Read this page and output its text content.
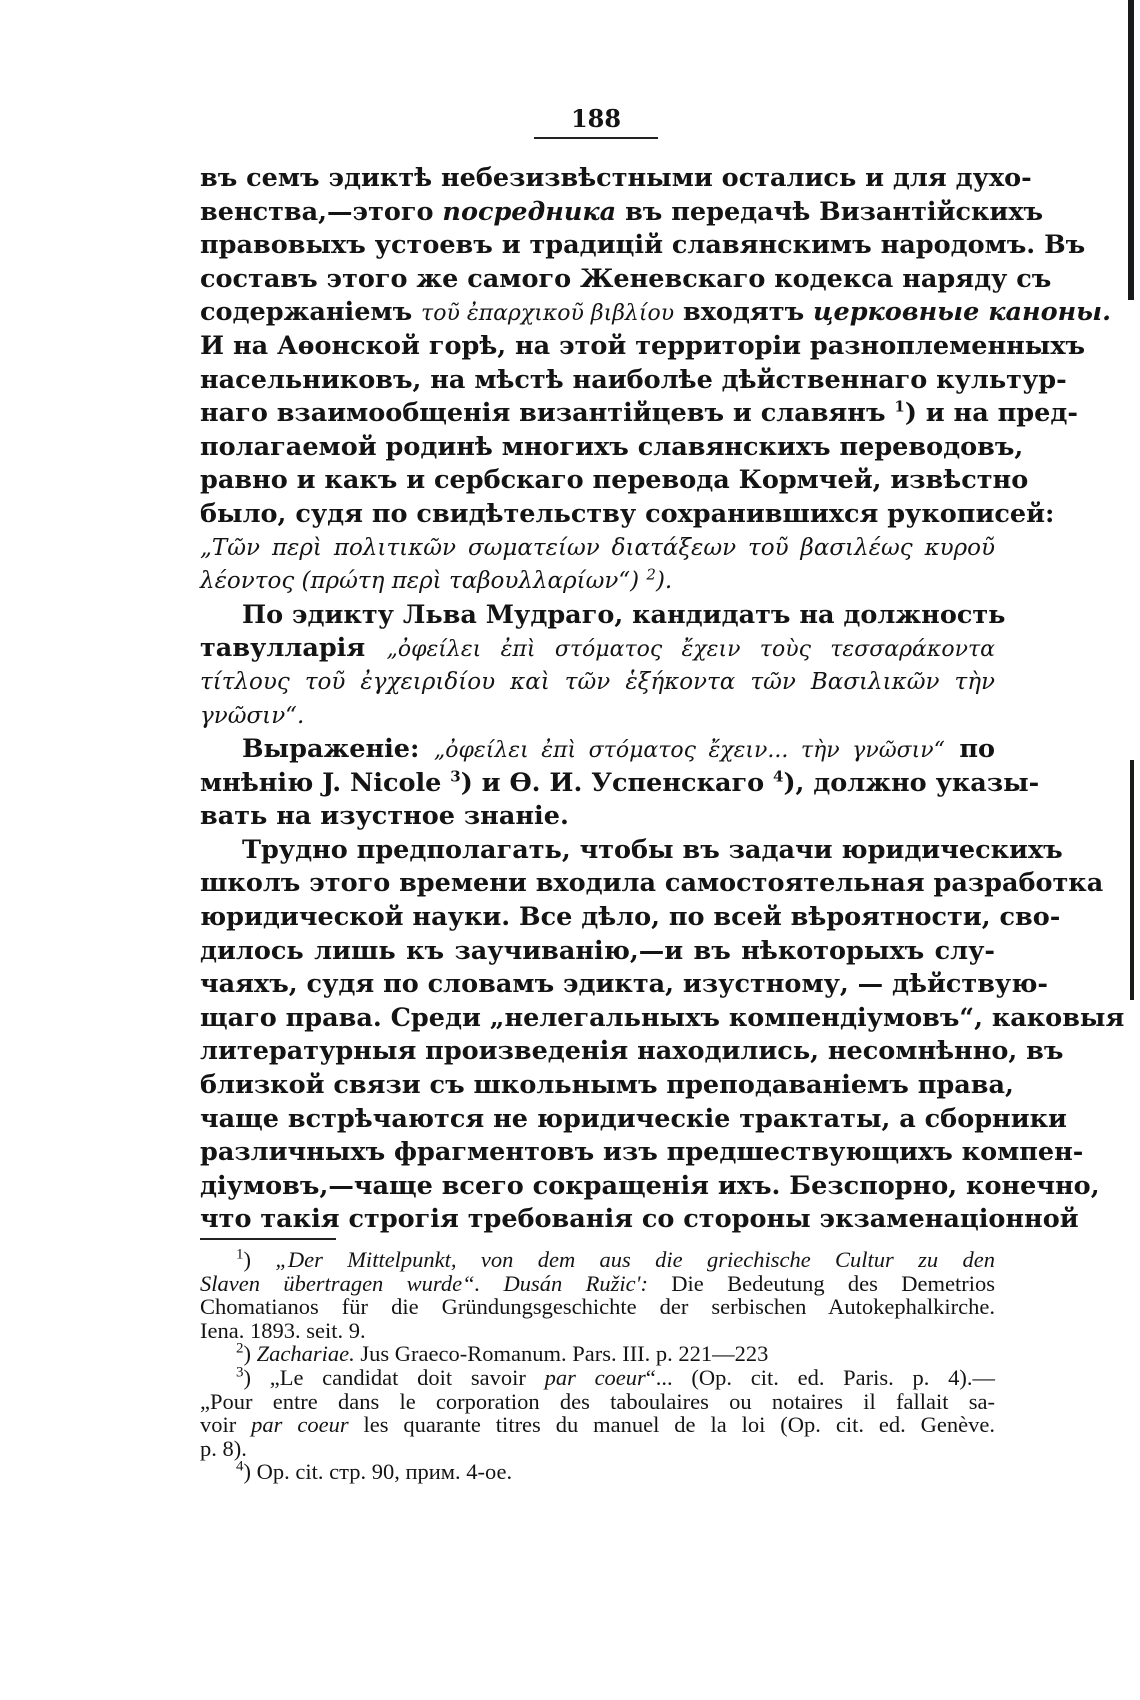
188
въ семъ эдиктѣ небезизвѣстными остались и для духо-
венства,—этого посредника въ передачѣ Византійскихъ
правовыхъ устоевъ и традицій славянскимъ народомъ. Въ
составъ этого же самого Женевскаго кодекса наряду съ
содержаніемъ τοῦ ἐπαρχικοῦ βιβλίου входятъ церковные каноны.
И на Аѳонской горѣ, на этой территоріи разноплеменныхъ
насельниковъ, на мѣстѣ наиболѣе дѣйственнаго культур-
наго взаимообщенія византійцевъ и славянъ $^1$) и на пред-
полагаемой родинѣ многихъ славянскихъ переводовъ,
равно и какъ и сербскаго перевода Кормчей, извѣстно
было, судя по свидѣтельству сохранившихся рукописей:
„Τῶν περὶ πολιτικῶν σωματείων διατάξεων τοῦ βασιλέως κυροῦ
λέοντος (πρώτη περὶ ταβουλλαρίων“) $^2$).
По эдикту Льва Мудраго, кандидатъ на должность
тавулларія „ὀφείλει ἐπὶ στόματος ἔχειν τοὺς τεσσαράκοντα
τίτλους τοῦ ἐγχειριδίου καὶ τῶν ἑξήκοντα τῶν Βασιλικῶν τὴν
γνῶσιν“.
Выраженіе: „ὀφείλει ἐπὶ στόματος ἔχειν... τὴν γνῶσιν“ по
мнѣнію J. Nicole $^3$) и Ѳ. И. Успенскаго $^4$), должно указы-
вать на изустное знаніе.
Трудно предполагать, чтобы въ задачи юридическихъ
школъ этого времени входила самостоятельная разработка
юридической науки. Все дѣло, по всей вѣроятности, сво-
дилось лишь къ заучиванію,—и въ нѣкоторыхъ слу-
чаяхъ, судя по словамъ эдикта, изустному, — дѣйствую-
щаго права. Среди „нелегальныхъ компендіумовъ“, каковыя
литературныя произведенія находились, несомнѣнно, въ
близкой связи съ школьнымъ преподаваніемъ права,
чаще встрѣчаются не юридическіе трактаты, а сборники
различныхъ фрагментовъ изъ предшествующихъ компен-
діумовъ,—чаще всего сокращенія ихъ. Безспорно, конечно,
что такія строгія требованія со стороны экзаменаціонной
$^1$) „Der Mittelpunkt, von dem aus die griechische Cultur zu den
Slaven übertragen wurde“. Dusán Ružic': Die Bedeutung des Demetrios
Chomatianos für die Gründungsgeschichte der serbischen Autokephalkirche.
Iena. 1893. seit. 9.
$^2$) Zachariae. Jus Graeco-Romanum. Pars. III. p. 221—223
$^3$) „Le candidat doit savoir par coeur“... (Op. cit. ed. Paris. p. 4).—
„Pour entre dans le corporation des taboulaires ou notaires il fallait sa-
voir par coeur les quarante titres du manuel de la loi (Op. cit. ed. Genève.
p. 8).
$^4$) Op. cit. стр. 90, прим. 4-ое.
